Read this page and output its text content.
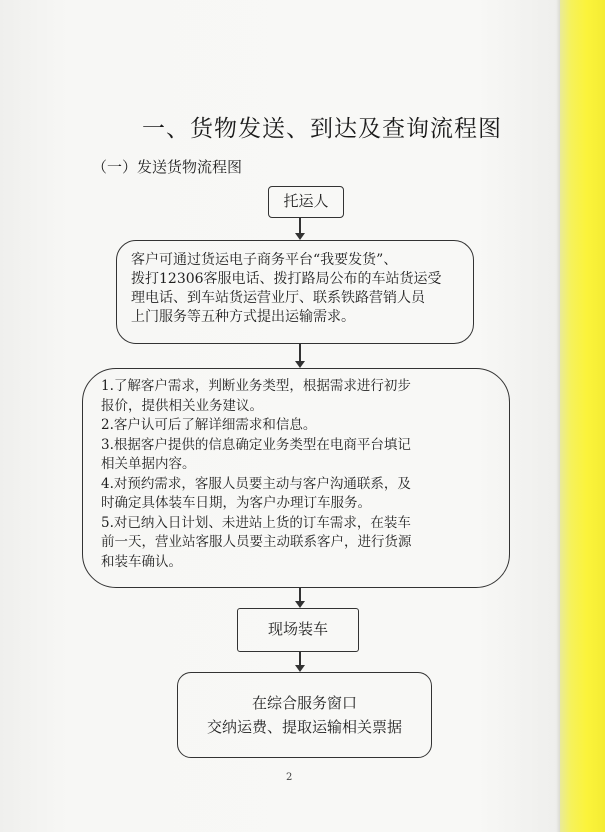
一、货物发送、到达及查询流程图
（一）发送货物流程图
托运人
客户可通过货运电子商务平台“我要发货”、
拨打12306客服电话、拨打路局公布的车站货运受
理电话、到车站货运营业厅、联系铁路营销人员
上门服务等五种方式提出运输需求。

1.了解客户需求，判断业务类型，根据需求进行初步
报价，提供相关业务建议。

2.客户认可后了解详细需求和信息。

3.根据客户提供的信息确定业务类型在电商平台填记
相关单据内容。

4.对预约需求，客服人员要主动与客户沟通联系，及
时确定具体装车日期，为客户办理订车服务。

5.对已纳入日计划、未进站上货的订车需求，在装车
前一天，营业站客服人员要主动联系客户，进行货源
和装车确认。

现场装车
在综合服务窗口
交纳运费、提取运输相关票据
2
